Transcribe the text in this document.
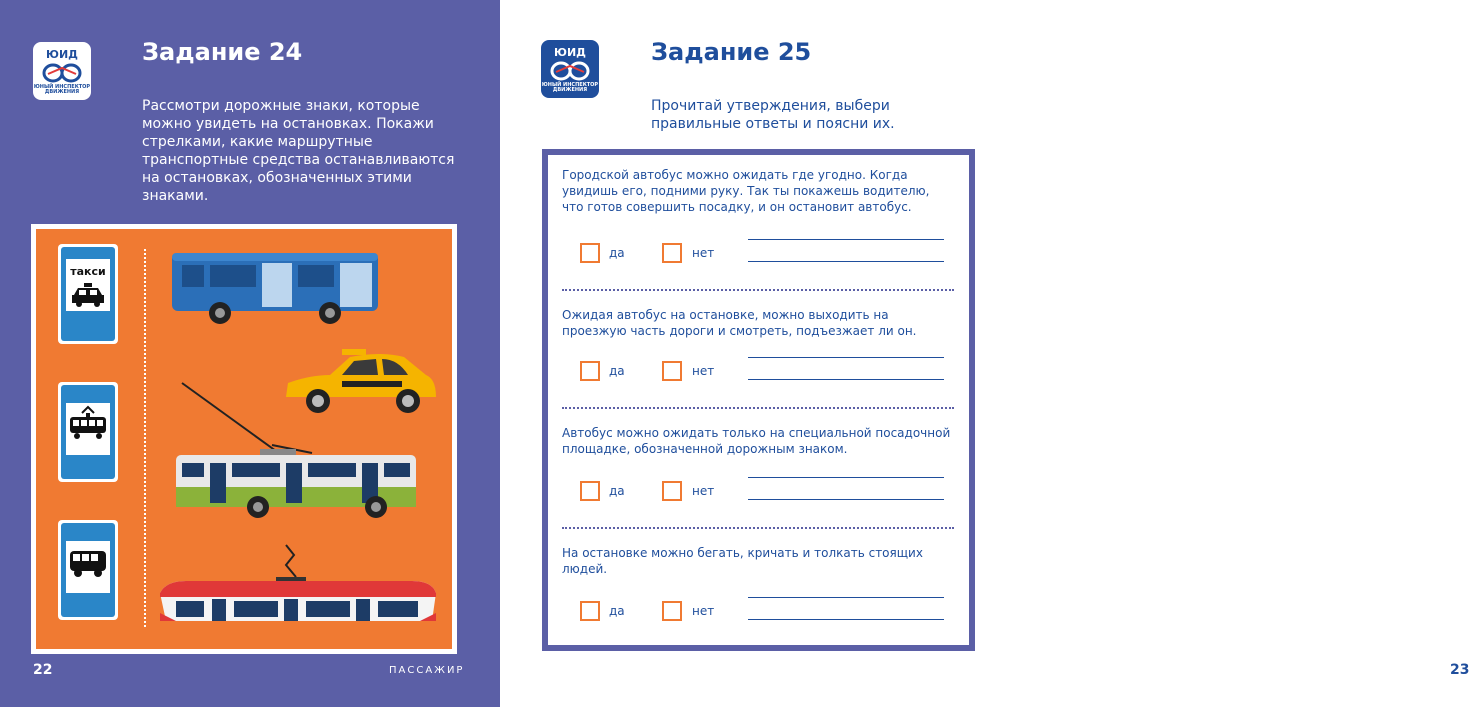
ЮИД
ЮНЫЙ ИНСПЕКТОР ДВИЖЕНИЯ
Задание 24
Рассмотри дорожные знаки, которые можно увидеть на остановках. Покажи стрелками, какие маршрутные транспортные средства останавливаются на остановках, обозначенных этими знаками.
такси
22	ПАССАЖИР
ЮИД
ЮНЫЙ ИНСПЕКТОР ДВИЖЕНИЯ
Задание 25
Прочитай утверждения, выбери правильные ответы и поясни их.
23
Городской автобус можно ожидать где угодно. Когда увидишь его, подними руку. Так ты покажешь водителю, что готов совершить посадку, и он остановит автобус.
да	нет
Ожидая автобус на остановке, можно выходить на проезжую часть дороги и смотреть, подъезжает ли он.
да	нет
Автобус можно ожидать только на специальной посадочной площадке, обозначенной дорожным знаком.
да	нет
На остановке можно бегать, кричать и толкать стоящих людей.
да	нет
